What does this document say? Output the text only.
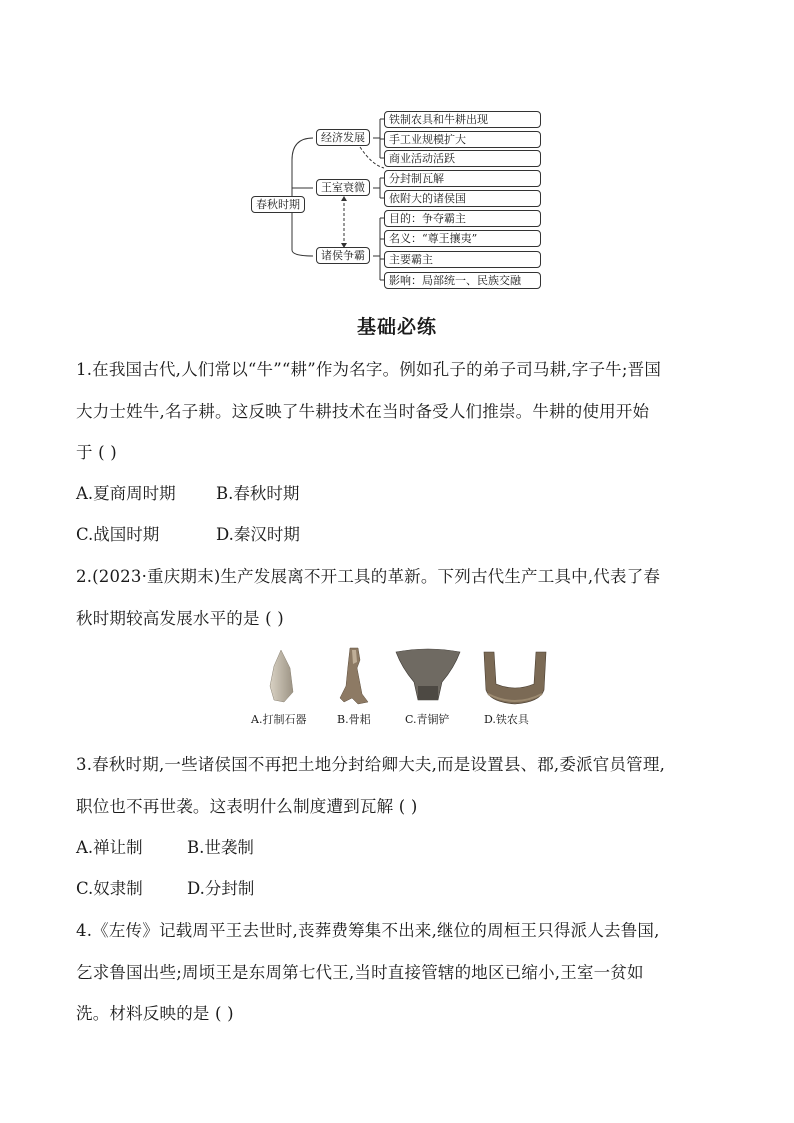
春秋时期
经济发展
王室衰微
诸侯争霸
铁制农具和牛耕出现
手工业规模扩大
商业活动活跃
分封制瓦解
依附大的诸侯国
目的：争夺霸主
名义：“尊王攘夷”
主要霸主
影响：局部统一、民族交融
基础必练
1.在我国古代,人们常以“牛”“耕”作为名字。例如孔子的弟子司马耕,字子牛;晋国
大力士姓牛,名子耕。这反映了牛耕技术在当时备受人们推崇。牛耕的使用开始
于 ( )
A.夏商周时期 B.春秋时期
C.战国时期	D.秦汉时期
2.(2023·重庆期末)生产发展离不开工具的革新。下列古代生产工具中,代表了春
秋时期较高发展水平的是 ( )
A.打制石器	B.骨耜	C.青铜铲	D.铁农具
3.春秋时期,一些诸侯国不再把土地分封给卿大夫,而是设置县、郡,委派官员管理,
职位也不再世袭。这表明什么制度遭到瓦解 ( )
A.禅让制	B.世袭制
C.奴隶制	D.分封制
4.《左传》记载周平王去世时,丧葬费筹集不出来,继位的周桓王只得派人去鲁国,
乞求鲁国出些;周顷王是东周第七代王,当时直接管辖的地区已缩小,王室一贫如
洗。材料反映的是 ( )
